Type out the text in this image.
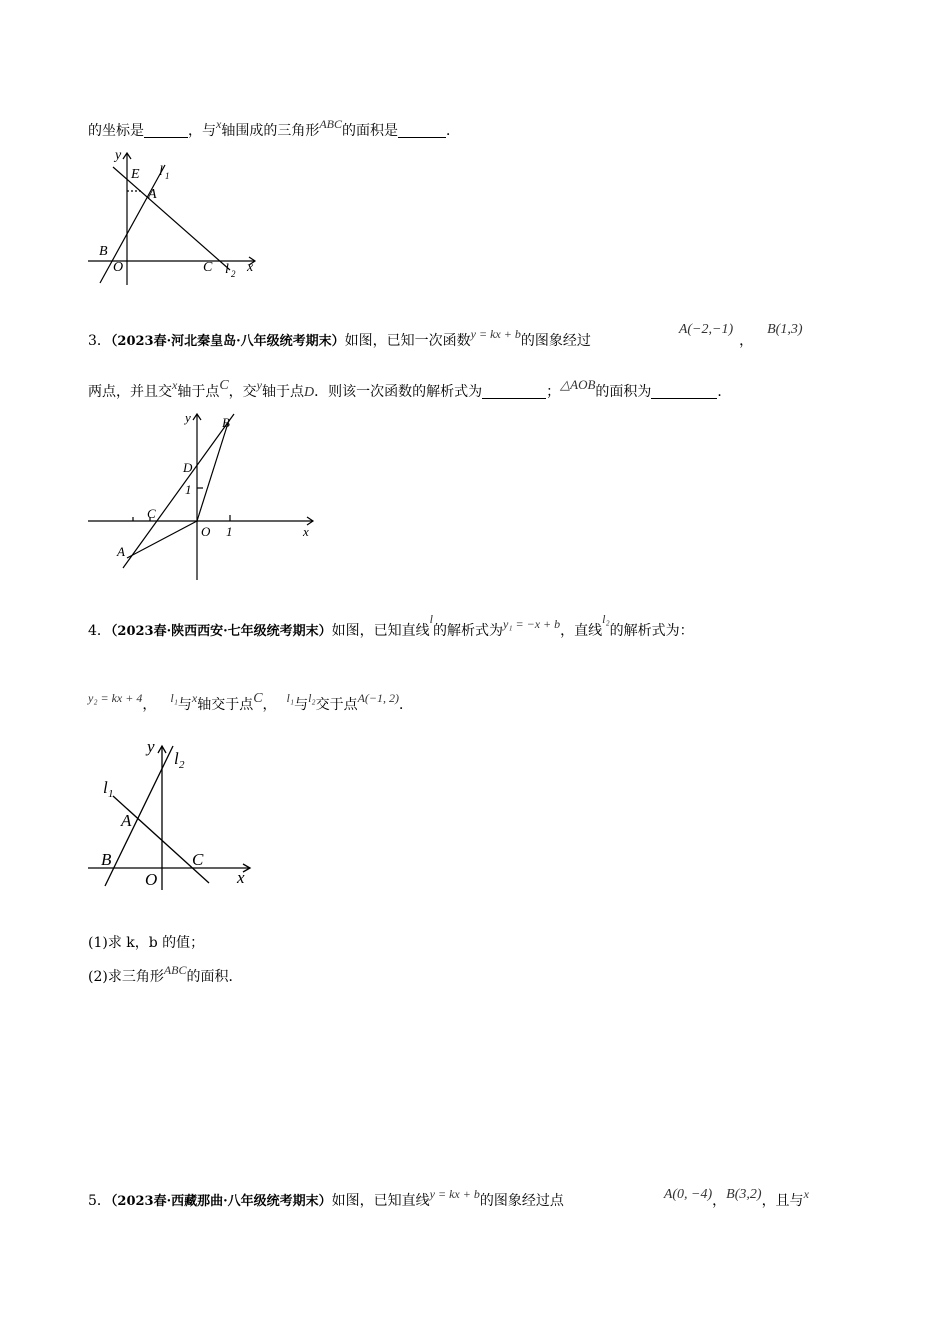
的坐标是	，与x轴围成的三角形ABC的面积是	．
y
x
E
A
B
O	C
l 1
l 2
3．（2023春·河北秦皇岛·八年级统考期末）如图，已知一次函数y = kx + b的图象经过A(−2,−1)，B(1,3)
两点，并且交x轴于点C，交y轴于点D．则该一次函数的解析式为	；△AOB的面积为	．
y
x
B
D
1
C
O 1
A
4．（2023春·陕西西安·七年级统考期末）如图，已知直线l的解析式为y₁ = −x + b，直线l₂的解析式为：
y₂ = kx + 4， l₁与x轴交于点C， l₁与l₂交于点A(−1, 2)．
y
x
l 2
l 1
A
B	C
O
(1)求 k，b 的值；
(2)求三角形ABC的面积．
5．（2023春·西藏那曲·八年级统考期末）如图，已知直线y = kx + b的图象经过点	A(0, −4)，B(3,2)，且与x
